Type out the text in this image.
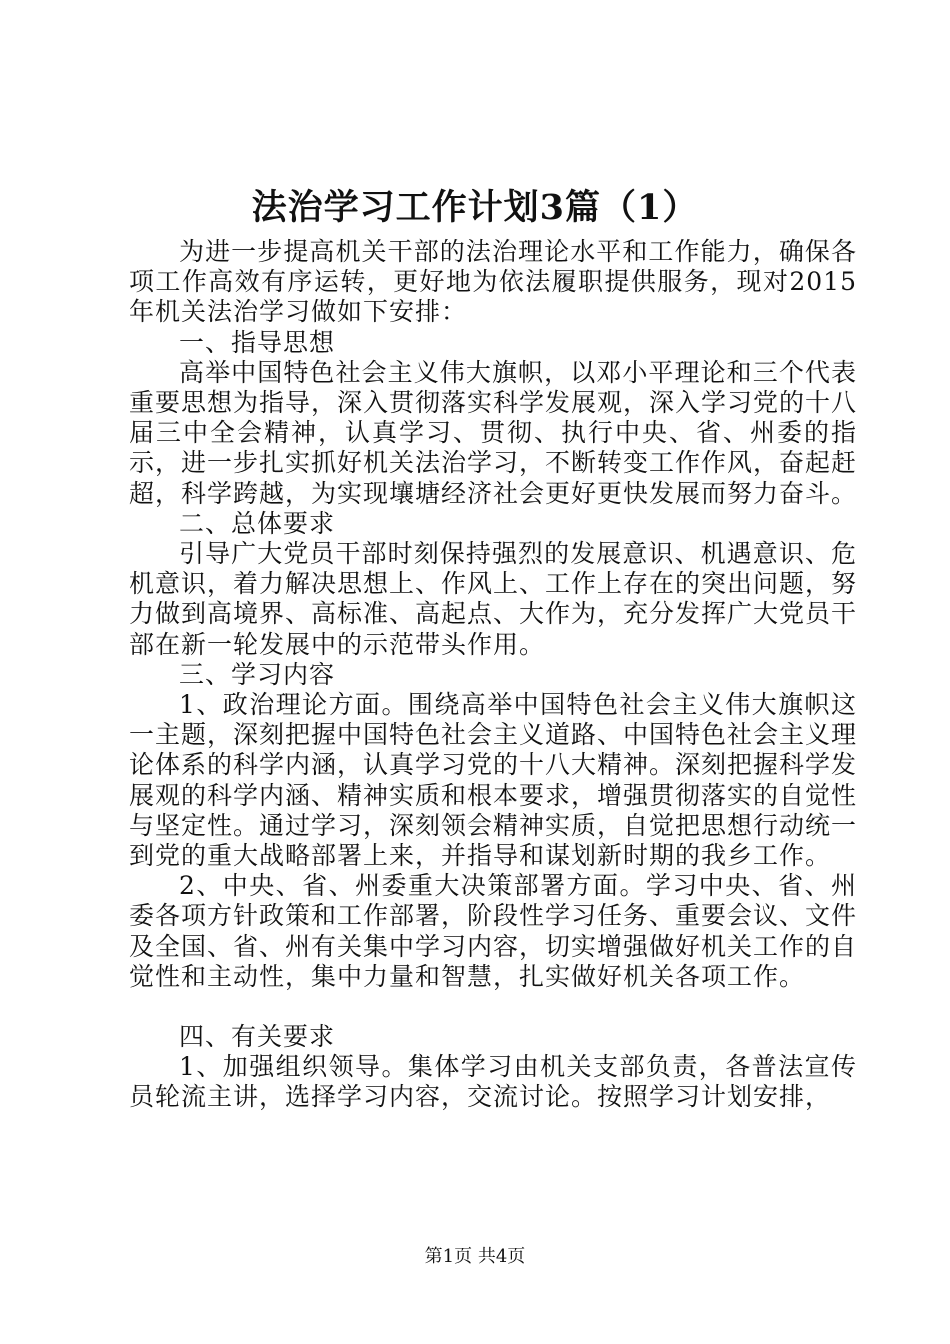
法治学习工作计划3篇（1）

为进一步提高机关干部的法治理论水平和工作能力，确保各项工作高效有序运转，更好地为依法履职提供服务，现对2015年机关法治学习做如下安排：

一、指导思想

高举中国特色社会主义伟大旗帜，以邓小平理论和三个代表重要思想为指导，深入贯彻落实科学发展观，深入学习党的十八届三中全会精神，认真学习、贯彻、执行中央、省、州委的指示，进一步扎实抓好机关法治学习，不断转变工作作风，奋起赶超，科学跨越，为实现壤塘经济社会更好更快发展而努力奋斗。

二、总体要求

引导广大党员干部时刻保持强烈的发展意识、机遇意识、危机意识，着力解决思想上、作风上、工作上存在的突出问题，努力做到高境界、高标准、高起点、大作为，充分发挥广大党员干部在新一轮发展中的示范带头作用。

三、学习内容

1、政治理论方面。围绕高举中国特色社会主义伟大旗帜这一主题，深刻把握中国特色社会主义道路、中国特色社会主义理论体系的科学内涵，认真学习党的十八大精神。深刻把握科学发展观的科学内涵、精神实质和根本要求，增强贯彻落实的自觉性与坚定性。通过学习，深刻领会精神实质，自觉把思想行动统一到党的重大战略部署上来，并指导和谋划新时期的我乡工作。

2、中央、省、州委重大决策部署方面。学习中央、省、州委各项方针政策和工作部署，阶段性学习任务、重要会议、文件及全国、省、州有关集中学习内容，切实增强做好机关工作的自觉性和主动性，集中力量和智慧，扎实做好机关各项工作。

四、有关要求

1、加强组织领导。集体学习由机关支部负责，各普法宣传员轮流主讲，选择学习内容，交流讨论。按照学习计划安排，

第1页 共4页
